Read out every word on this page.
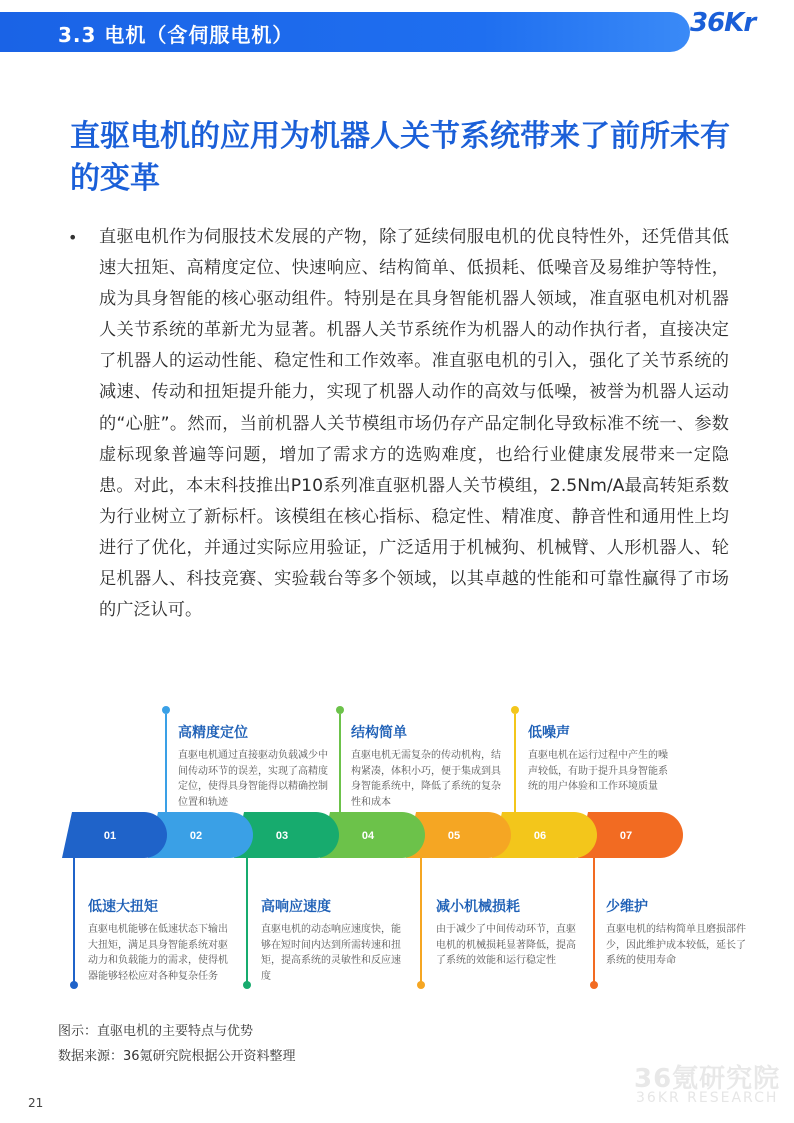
3.3 电机（含伺服电机）	36Kr
直驱电机的应用为机器人关节系统带来了前所未有的变革
• 直驱电机作为伺服技术发展的产物，除了延续伺服电机的优良特性外，还凭借其低速大扭矩、高精度定位、快速响应、结构简单、低损耗、低噪音及易维护等特性，成为具身智能的核心驱动组件。特别是在具身智能机器人领域，准直驱电机对机器人关节系统的革新尤为显著。机器人关节系统作为机器人的动作执行者，直接决定了机器人的运动性能、稳定性和工作效率。准直驱电机的引入，强化了关节系统的减速、传动和扭矩提升能力，实现了机器人动作的高效与低噪，被誉为机器人运动的“心脏”。然而，当前机器人关节模组市场仍存产品定制化导致标准不统一、参数虚标现象普遍等问题，增加了需求方的选购难度，也给行业健康发展带来一定隐患。对此，本末科技推出P10系列准直驱机器人关节模组，2.5Nm/A最高转矩系数为行业树立了新标杆。该模组在核心指标、稳定性、精准度、静音性和通用性上均进行了优化，并通过实际应用验证，广泛适用于机械狗、机械臂、人形机器人、轮足机器人、科技竞赛、实验载台等多个领域，以其卓越的性能和可靠性赢得了市场的广泛认可。
07
06
05
04
03
02
01
高精度定位
直驱电机通过直接驱动负载减少中间传动环节的误差，实现了高精度定位，使得具身智能得以精确控制位置和轨迹
结构简单
直驱电机无需复杂的传动机构，结构紧凑，体积小巧，便于集成到具身智能系统中，降低了系统的复杂性和成本
低噪声
直驱电机在运行过程中产生的噪声较低，有助于提升具身智能系统的用户体验和工作环境质量
低速大扭矩
直驱电机能够在低速状态下输出大扭矩，满足具身智能系统对驱动力和负载能力的需求，使得机器能够轻松应对各种复杂任务
高响应速度
直驱电机的动态响应速度快，能够在短时间内达到所需转速和扭矩，提高系统的灵敏性和反应速度
减小机械损耗
由于减少了中间传动环节，直驱电机的机械损耗显著降低，提高了系统的效能和运行稳定性
少维护
直驱电机的结构简单且磨损部件少，因此维护成本较低，延长了系统的使用寿命
图示：直驱电机的主要特点与优势
数据来源：36氪研究院根据公开资料整理
36氪研究院
36KR RESEARCH
21
